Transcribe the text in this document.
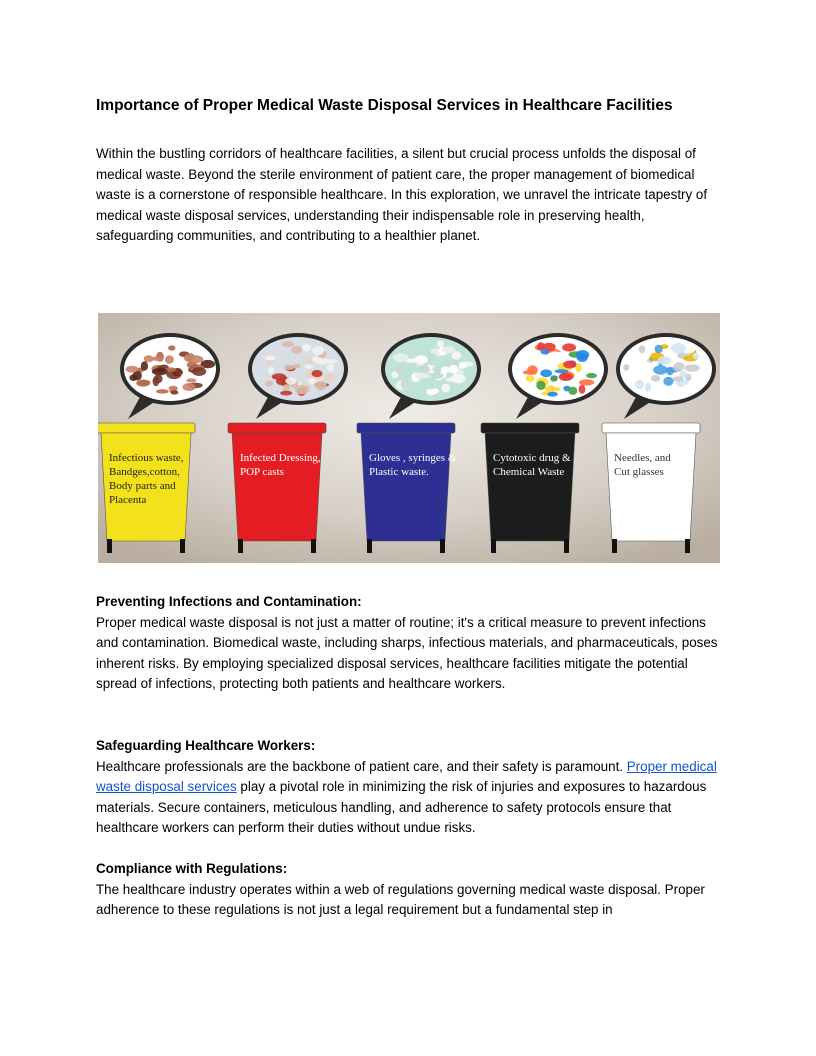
Importance of Proper Medical Waste Disposal Services in Healthcare Facilities

Within the bustling corridors of healthcare facilities, a silent but crucial process unfolds the disposal of medical waste. Beyond the sterile environment of patient care, the proper management of biomedical waste is a cornerstone of responsible healthcare. In this exploration, we unravel the intricate tapestry of medical waste disposal services, understanding their indispensable role in preserving health, safeguarding communities, and contributing to a healthier planet.

Infectious waste,
Bandges,cotton,
Body parts and
Placenta
Infected Dressing,
POP casts
Gloves , syringes &
Plastic waste.
Cytotoxic drug &
Chemical Waste
Needles, and
Cut glasses

Preventing Infections and Contamination:
Proper medical waste disposal is not just a matter of routine; it's a critical measure to prevent infections and contamination. Biomedical waste, including sharps, infectious materials, and pharmaceuticals, poses inherent risks. By employing specialized disposal services, healthcare facilities mitigate the potential spread of infections, protecting both patients and healthcare workers.

Safeguarding Healthcare Workers:
Healthcare professionals are the backbone of patient care, and their safety is paramount. Proper medical waste disposal services play a pivotal role in minimizing the risk of injuries and exposures to hazardous materials. Secure containers, meticulous handling, and adherence to safety protocols ensure that healthcare workers can perform their duties without undue risks.

Compliance with Regulations:
The healthcare industry operates within a web of regulations governing medical waste disposal. Proper adherence to these regulations is not just a legal requirement but a fundamental step in
